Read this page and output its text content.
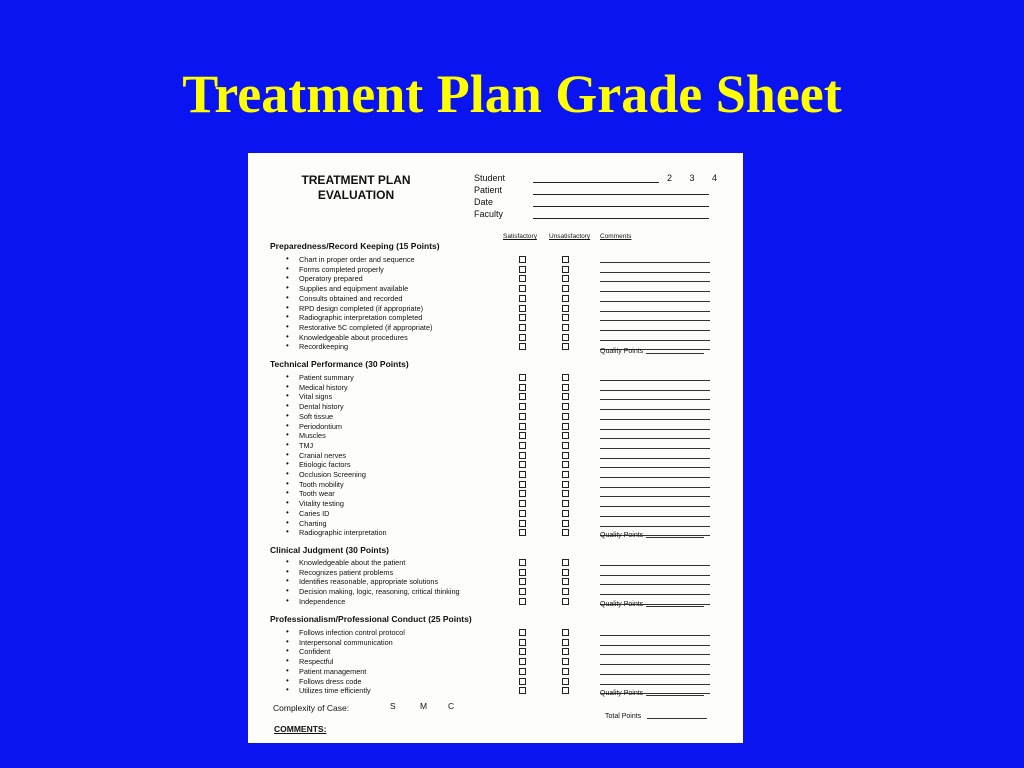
Treatment Plan Grade Sheet
TREATMENT PLAN
EVALUATION
Student	2 3 4
Patient
Date
Faculty
Satisfactory Unsatisfactory Comments
Preparedness/Record Keeping (15 Points)
• Chart in proper order and sequence
• Forms completed properly
• Operatory prepared
• Supplies and equipment available
• Consults obtained and recorded
• RPD design completed (if appropriate)
• Radiographic interpretation completed
• Restorative 5C completed (if appropriate)
• Knowledgeable about procedures
• Recordkeeping
Quality Points
Technical Performance (30 Points)
• Patient summary
• Medical history
• Vital signs
• Dental history
• Soft tissue
• Periodontium
• Muscles
• TMJ
• Cranial nerves
• Etiologic factors
• Occlusion Screening
• Tooth mobility
• Tooth wear
• Vitality testing
• Caries ID
• Charting
• Radiographic interpretation	Quality Points
Clinical Judgment (30 Points)
• Knowledgeable about the patient
• Recognizes patient problems
• Identifies reasonable, appropriate solutions
• Decision making, logic, reasoning, critical thinking
• Independence	Quality Points
Professionalism/Professional Conduct (25 Points)
• Follows infection control protocol
• Interpersonal communication
• Confident
• Respectful
• Patient management
• Follows dress code
• Utilizes time efficiently	Quality Points
Complexity of Case:	S	M C
Total Points
COMMENTS:
